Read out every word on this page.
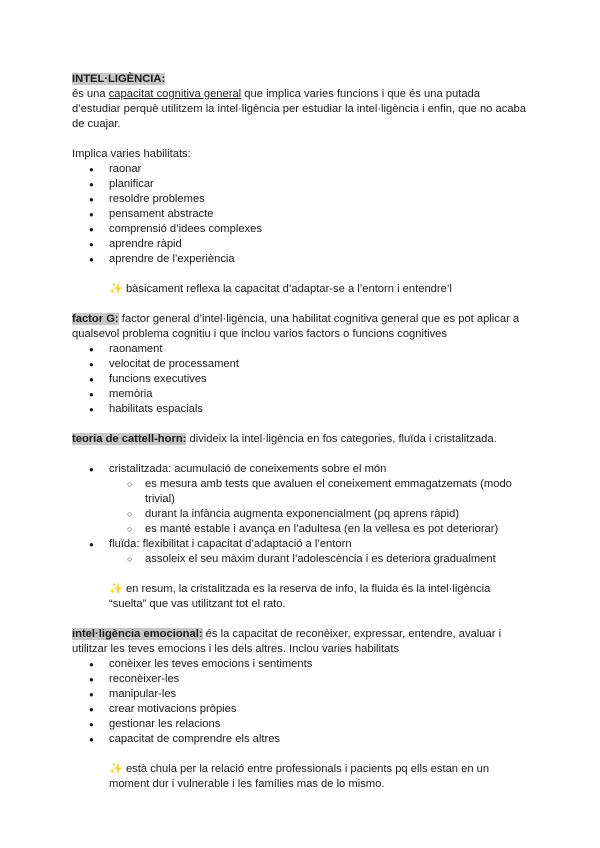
INTEL·LIGÈNCIA:

és una capacitat cognitiva general que implica varies funcions i que és una putada d’estudiar perquè utilitzem la intel·ligència per estudiar la intel·ligència i enfin, que no acaba de cuajar.

Implica varies habilitats:

● raonar
● planificar
● resoldre problemes
● pensament abstracte
● comprensió d’idees complexes
● aprendre ràpid
● aprendre de l’experiència

✨ bàsicament reflexa la capacitat d’adaptar-se a l’entorn i entendre’l

factor G: factor general d’intel·ligència, una habilitat cognitiva general que es pot aplicar a qualsevol problema cognitiu i que inclou varios factors o funcions cognitives

● raonament
● velocitat de processament
● funcions executives
● memòria
● habilitats espacials

teoria de cattell-horn: divideix la intel·ligència en fos categories, fluïda i cristalitzada.

● cristalitzada: acumulació de coneixements sobre el món
○ es mesura amb tests que avaluen el coneixement emmagatzemats (modo trivial)
○ durant la infància augmenta exponencialment (pq aprens ràpid)
○ es manté estable i avança en l’adultesa (en la vellesa es pot deteriorar)
● fluïda: flexibilitat i capacitat d’adaptació a l’entorn
○ assoleix el seu màxim durant l’adolescència i es deteriora gradualment

✨ en resum, la cristalitzada es la reserva de info, la fluida és la intel·ligència “suelta” que vas utilitzant tot el rato.

intel·ligència emocional: és la capacitat de reconèixer, expressar, entendre, avaluar i utilitzar les teves emocions i les dels altres. Inclou varies habilitats

● conèixer les teves emocions i sentiments
● reconèixer-les
● manipular-les
● crear motivacions pròpies
● gestionar les relacions
● capacitat de comprendre els altres

✨ està chula per la relació entre professionals i pacients pq ells estan en un moment dur i vulnerable i les famílies mas de lo mismo.
